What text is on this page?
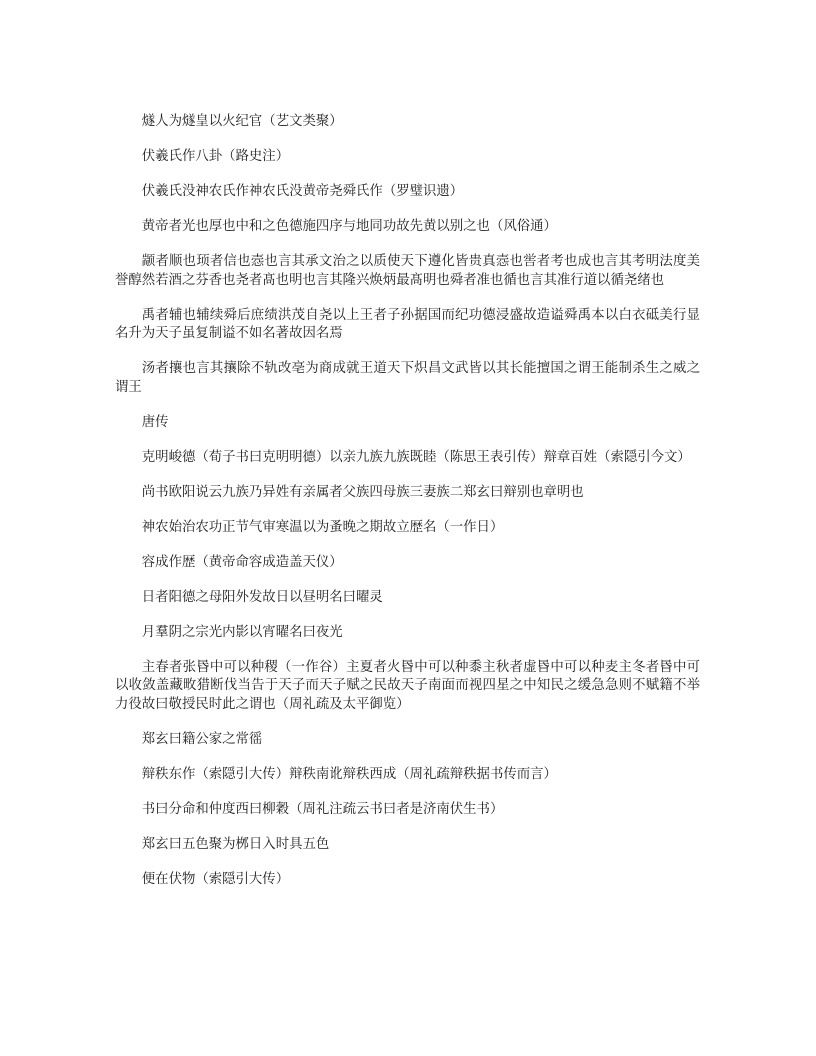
燧人为燧皇以火纪官（艺文类聚）

伏羲氏作八卦（路史注）

伏羲氏没神农氏作神农氏没黄帝尧舜氏作（罗璧识遗）

黄帝者光也厚也中和之色德施四序与地同功故先黄以别之也（风俗通）

颛者顺也顼者信也悫也言其承文治之以质使天下遵化皆贵真悫也喾者考也成也言其考明法度美誉醇然若酒之芬香也尧者髙也明也言其隆兴焕炳最髙明也舜者准也循也言其准行道以循尧绪也

禹者辅也辅续舜后庶绩洪茂自尧以上王者子孙据国而纪功德浸盛故造谥舜禹本以白衣砥美行显名升为天子虽复制谥不如名著故因名焉

汤者攘也言其攘除不轨改亳为商成就王道天下炽昌文武皆以其长能擅国之谓王能制杀生之威之谓王

唐传

克明峻德（荀子书曰克明明德）以亲九族九族既睦（陈思王表引传）辩章百姓（索隠引今文）

尚书欧阳说云九族乃异姓有亲属者父族四母族三妻族二郑玄曰辩别也章明也

神农始治农功正节气审寒温以为蚤晚之期故立歴名（一作日）

容成作歴（黄帝命容成造盖天仪）

日者阳德之母阳外发故日以昼明名曰曜灵

月羣阴之宗光内影以宵曜名曰夜光

主春者张昬中可以种稷（一作谷）主夏者火昬中可以种黍主秋者虚昬中可以种麦主冬者昬中可以收敛盖藏畋猎断伐当告于天子而天子赋之民故天子南面而视四星之中知民之缓急急则不赋籍不举力役故曰敬授民时此之谓也（周礼疏及太平御览）

郑玄曰籍公家之常徭

辩秩东作（索隠引大传）辩秩南讹辩秩西成（周礼疏辩秩据书传而言）

书曰分命和仲度西曰柳穀（周礼注疏云书曰者是济南伏生书）

郑玄曰五色聚为桞日入时具五色

便在伏物（索隠引大传）
